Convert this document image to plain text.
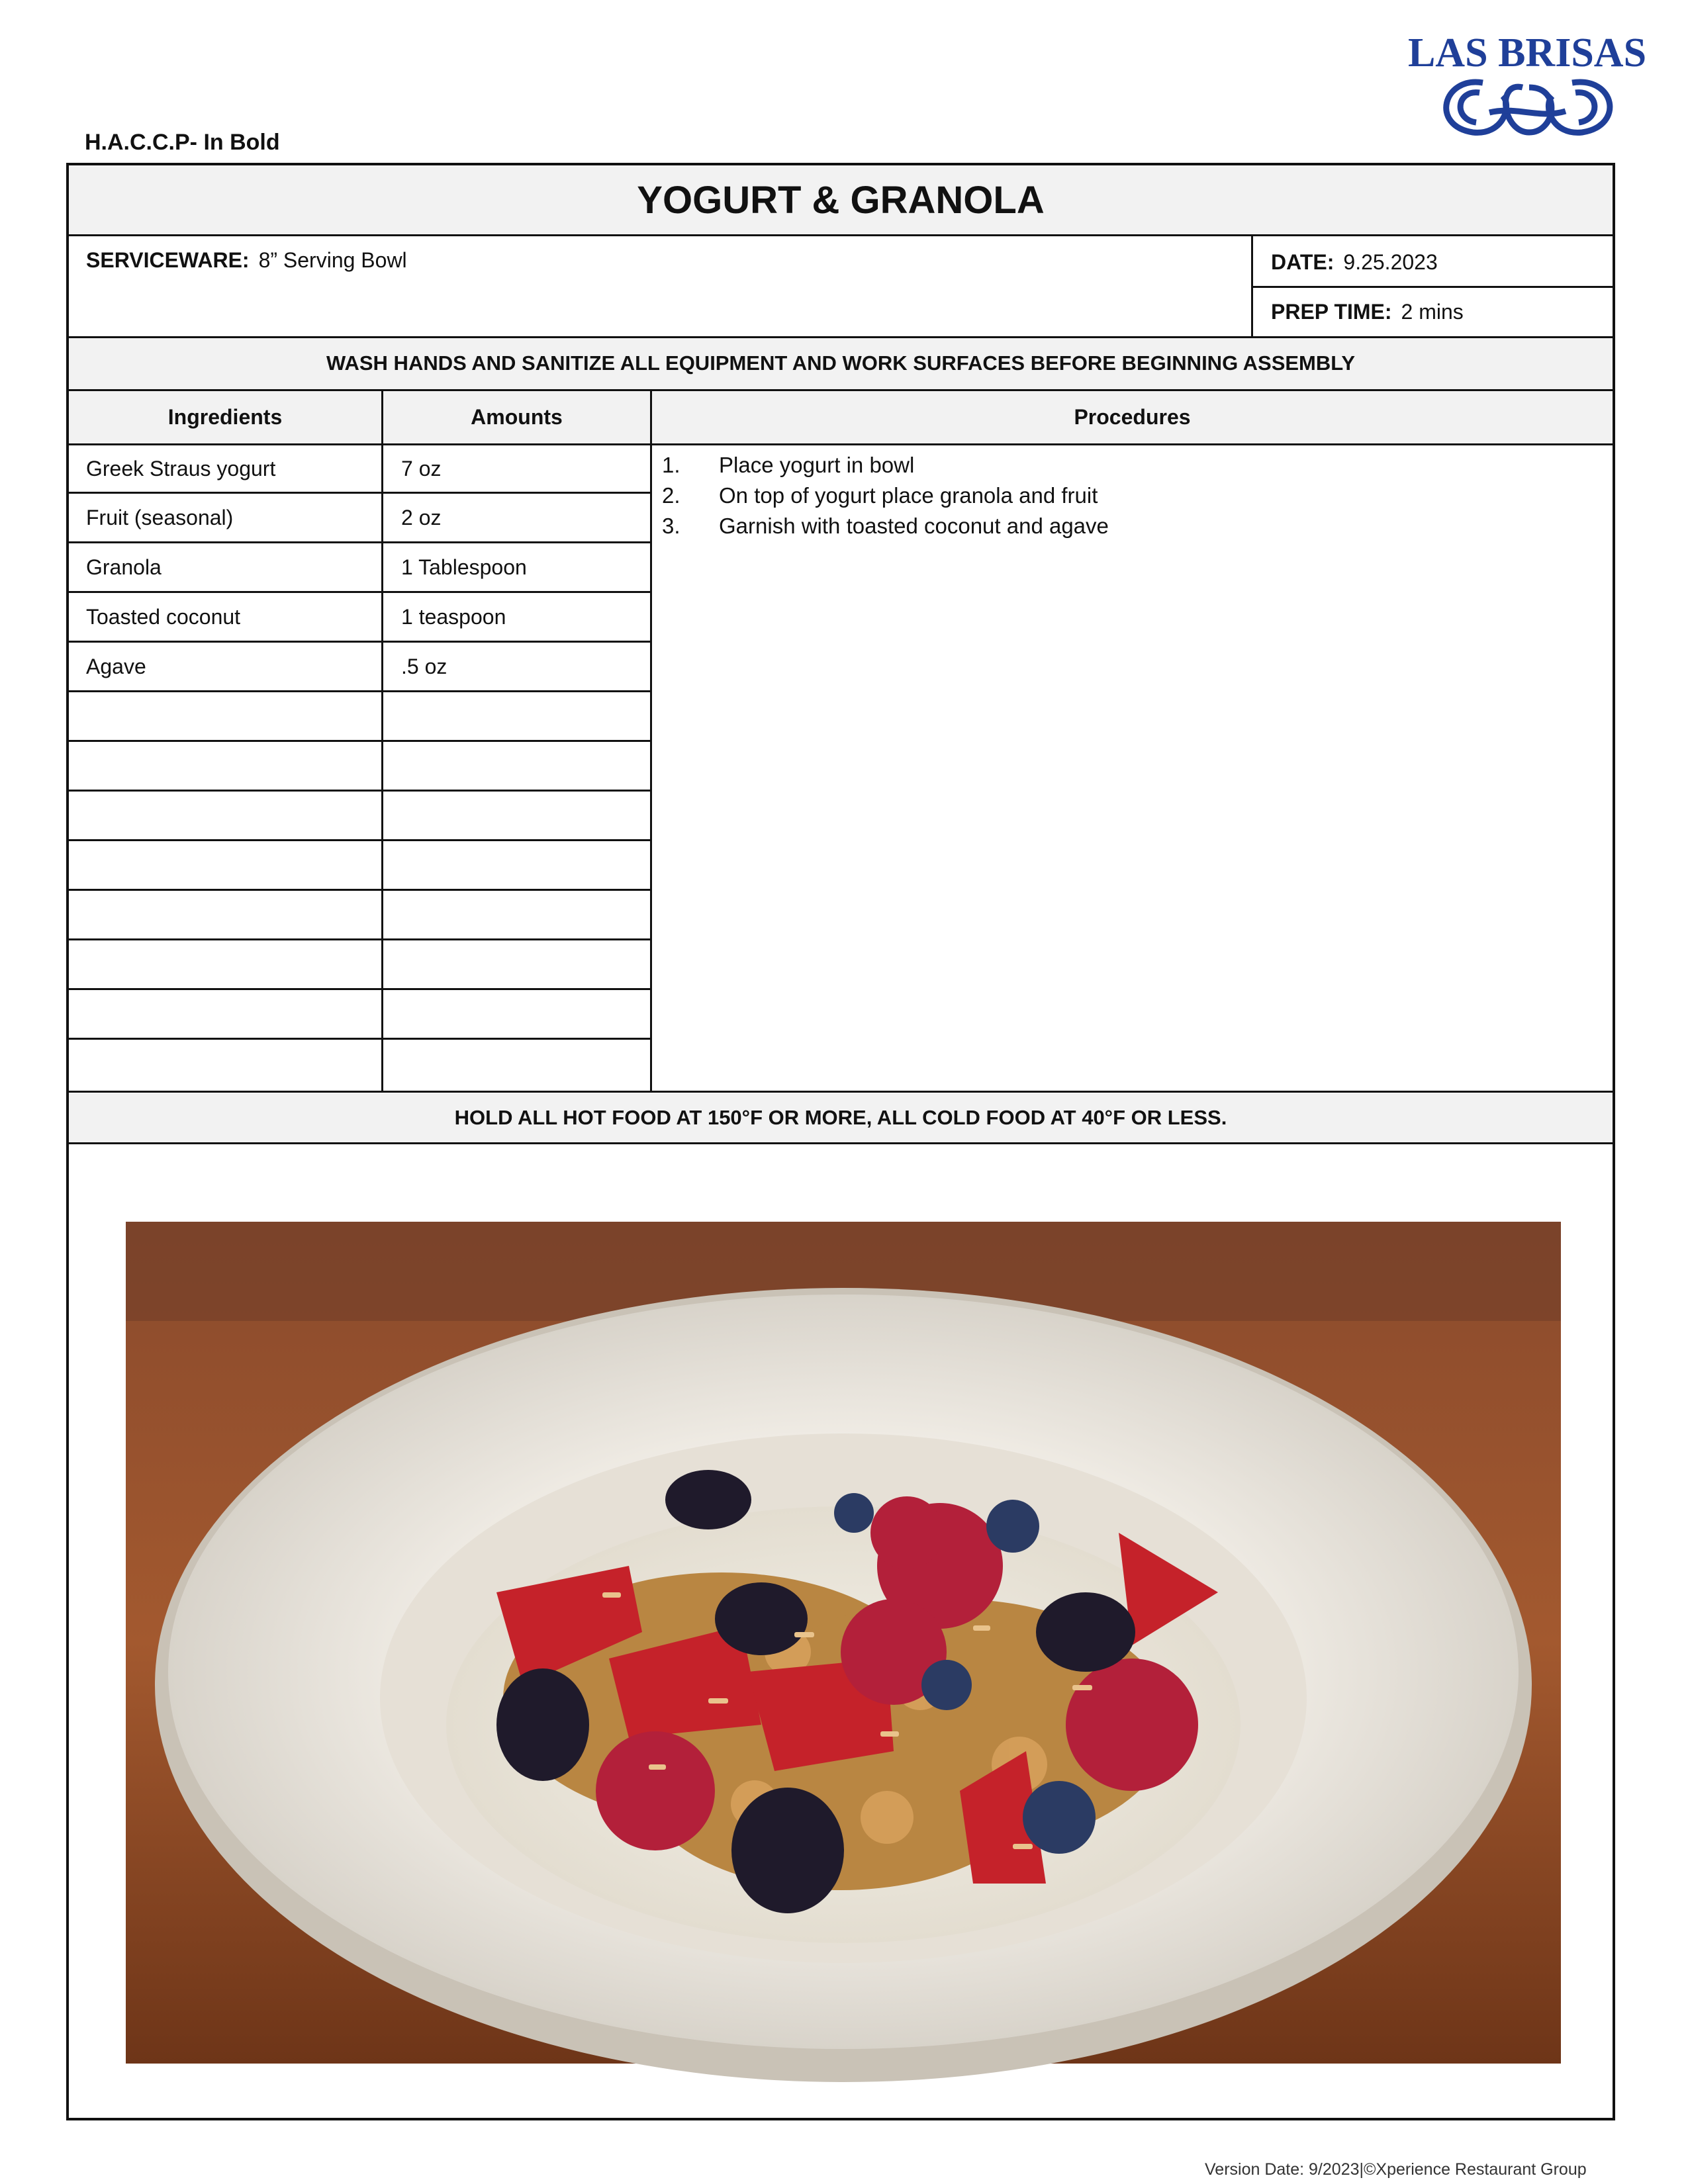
H.A.C.C.P- In Bold
LAS BRISAS
YOGURT & GRANOLA
SERVICEWARE: 8” Serving Bowl	DATE: 9.25.2023
PREP TIME: 2 mins
WASH HANDS AND SANITIZE ALL EQUIPMENT AND WORK SURFACES BEFORE BEGINNING ASSEMBLY
Ingredients	Amounts	Procedures
Greek Straus yogurt	7 oz
Fruit (seasonal)	2 oz
Granola	1 Tablespoon
Toasted coconut	1 teaspoon
Agave	.5 oz
1.	Place yogurt in bowl
2.	On top of yogurt place granola and fruit
3.	Garnish with toasted coconut and agave
HOLD ALL HOT FOOD AT 150°F OR MORE, ALL COLD FOOD AT 40°F OR LESS.
Version Date: 9/2023|©Xperience Restaurant Group
